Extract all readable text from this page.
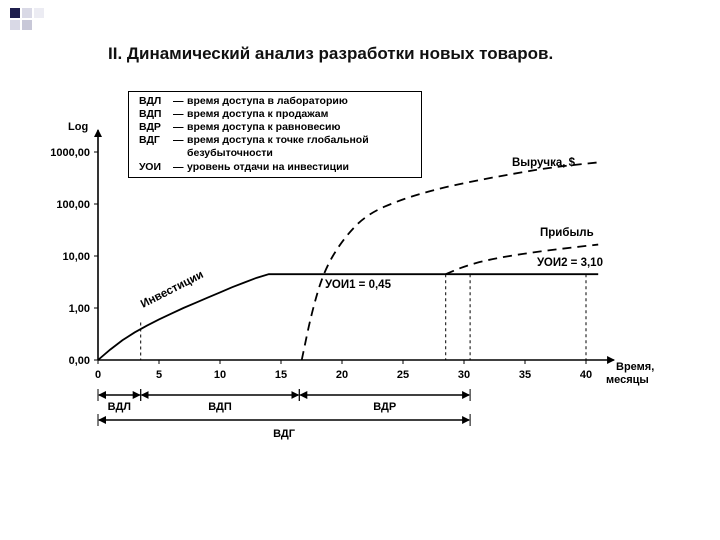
II. Динамический анализ разработки новых товаров.
ВДЛ	— время доступа в лабораторию
ВДП	— время доступа к продажам
ВДР	— время доступа к равновесию
ВДГ	— время доступа к точке глобальной
безубыточности
УОИ	— уровень отдачи на инвестиции
1000,00
100,00
10,00
1,00
0,00
Log
0	5	10	15	20	25	30	35	40
Время,
месяцы
ВДЛ	ВДП	ВДР
ВДГ
Выручка, $
Прибыль
УОИ2 = 3,10
УОИ1 = 0,45
Инвестиции
